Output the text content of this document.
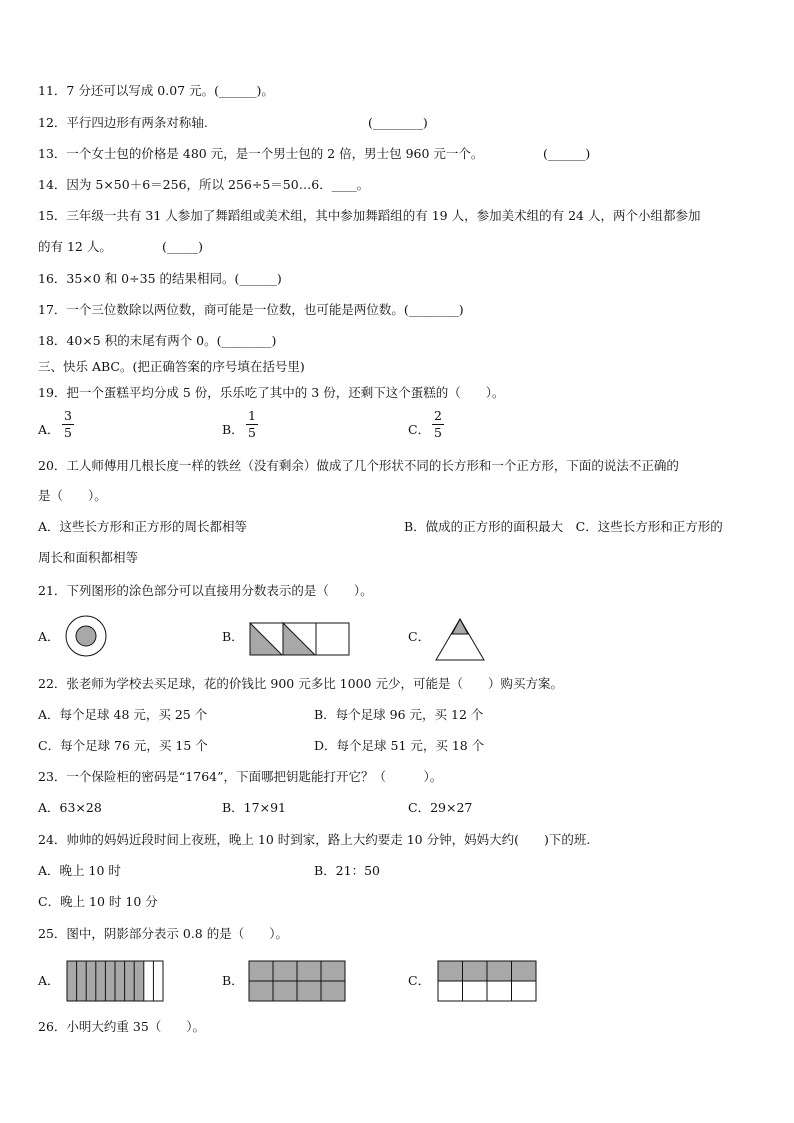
11．7 分还可以写成 0.07 元。(______)。
12．平行四边形有两条对称轴.	(________)
13．一个女士包的价格是 480 元，是一个男士包的 2 倍，男士包 960 元一个。	(______)
14．因为 5×50＋6＝256，所以 256÷5＝50…6．____。
15．三年级一共有 31 人参加了舞蹈组或美术组，其中参加舞蹈组的有 19 人，参加美术组的有 24 人，两个小组都参加
的有 12 人。	(_____)
16．35×0 和 0÷35 的结果相同。(______)
17．一个三位数除以两位数，商可能是一位数，也可能是两位数。(________)
18．40×5 积的末尾有两个 0。(________)
三、快乐 ABC。(把正确答案的序号填在括号里)
19．把一个蛋糕平均分成 5 份，乐乐吃了其中的 3 份，还剩下这个蛋糕的（　　）。
A．
3
5	B．
1
5	C．
2
5
20．工人师傅用几根长度一样的铁丝（没有剩余）做成了几个形状不同的长方形和一个正方形，下面的说法不正确的
是（　　）。
A．这些长方形和正方形的周长都相等	B．做成的正方形的面积最大　C．这些长方形和正方形的
周长和面积都相等
21．下列图形的涂色部分可以直接用分数表示的是（　　）。
A．	B．	C．
22．张老师为学校去买足球，花的价钱比 900 元多比 1000 元少，可能是（　　）购买方案。
A．每个足球 48 元，买 25 个	B．每个足球 96 元，买 12 个
C．每个足球 76 元，买 15 个	D．每个足球 51 元，买 18 个
23．一个保险柜的密码是“1764”，下面哪把钥匙能打开它？（　　　）。
A．63×28	B．17×91	C．29×27
24．帅帅的妈妈近段时间上夜班，晚上 10 时到家，路上大约要走 10 分钟，妈妈大约(　　)下的班.
A．晚上 10 时	B．21：50
C．晚上 10 时 10 分
25．图中，阴影部分表示 0.8 的是（　　）。
A．	B．	C．
26．小明大约重 35（　　）。
